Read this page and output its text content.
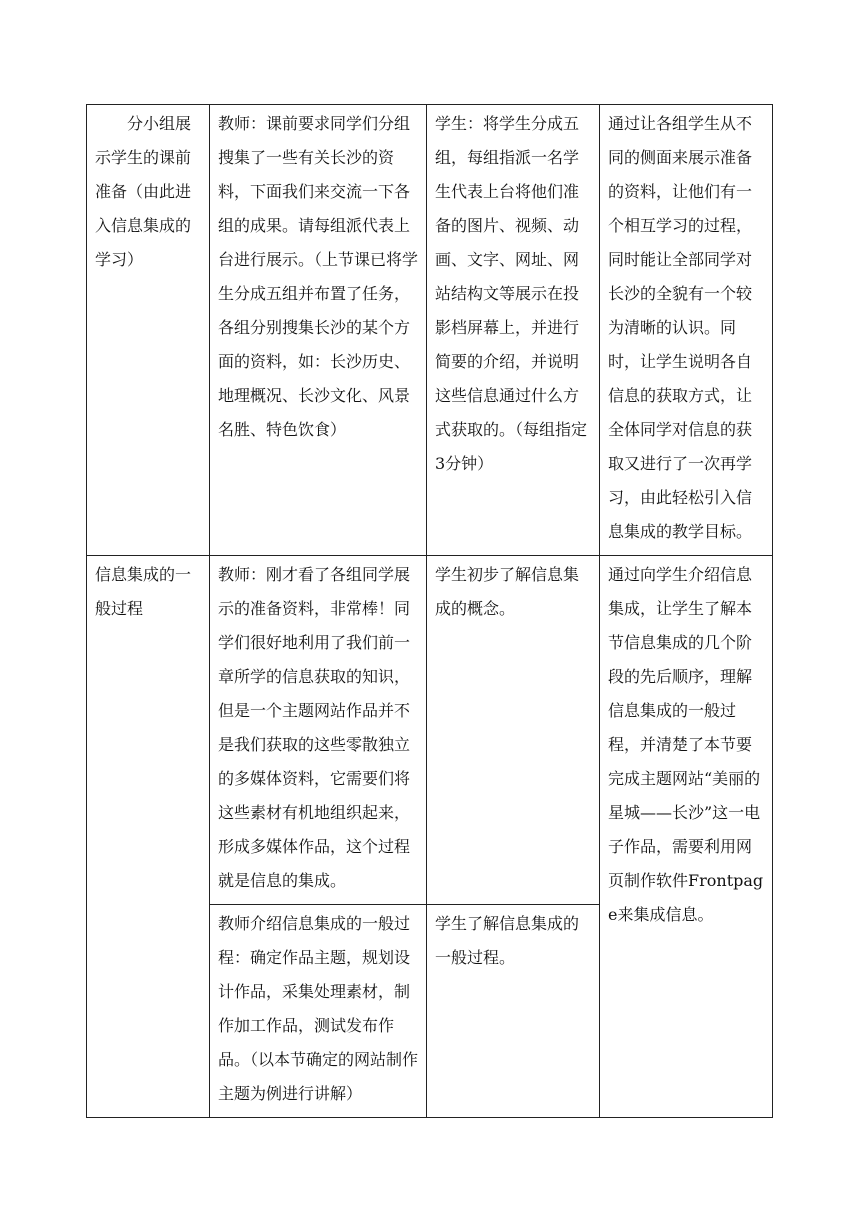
分小组展示学生的课前准备（由此进入信息集成的学习）	教师：课前要求同学们分组搜集了一些有关长沙的资料，下面我们来交流一下各组的成果。请每组派代表上台进行展示。（上节课已将学生分成五组并布置了任务，各组分别搜集长沙的某个方面的资料，如：长沙历史、地理概况、长沙文化、风景名胜、特色饮食）	学生：将学生分成五组，每组指派一名学生代表上台将他们准备的图片、视频、动画、文字、网址、网站结构文等展示在投影档屏幕上，并进行简要的介绍，并说明这些信息通过什么方式获取的。（每组指定3分钟）	通过让各组学生从不同的侧面来展示准备的资料，让他们有一个相互学习的过程，同时能让全部同学对长沙的全貌有一个较为清晰的认识。同时，让学生说明各自信息的获取方式，让全体同学对信息的获取又进行了一次再学习，由此轻松引入信息集成的教学目标。
信息集成的一般过程	教师：刚才看了各组同学展示的准备资料，非常棒！同学们很好地利用了我们前一章所学的信息获取的知识，但是一个主题网站作品并不是我们获取的这些零散独立的多媒体资料，它需要们将这些素材有机地组织起来，形成多媒体作品，这个过程就是信息的集成。	学生初步了解信息集成的概念。	通过向学生介绍信息集成，让学生了解本节信息集成的几个阶段的先后顺序，理解信息集成的一般过程，并清楚了本节要完成主题网站“美丽的星城——长沙”这一电子作品，需要利用网页制作软件Frontpage来集成信息。
	教师介绍信息集成的一般过程：确定作品主题，规划设计作品，采集处理素材，制作加工作品，测试发布作品。（以本节确定的网站制作主题为例进行讲解）	学生了解信息集成的一般过程。	
